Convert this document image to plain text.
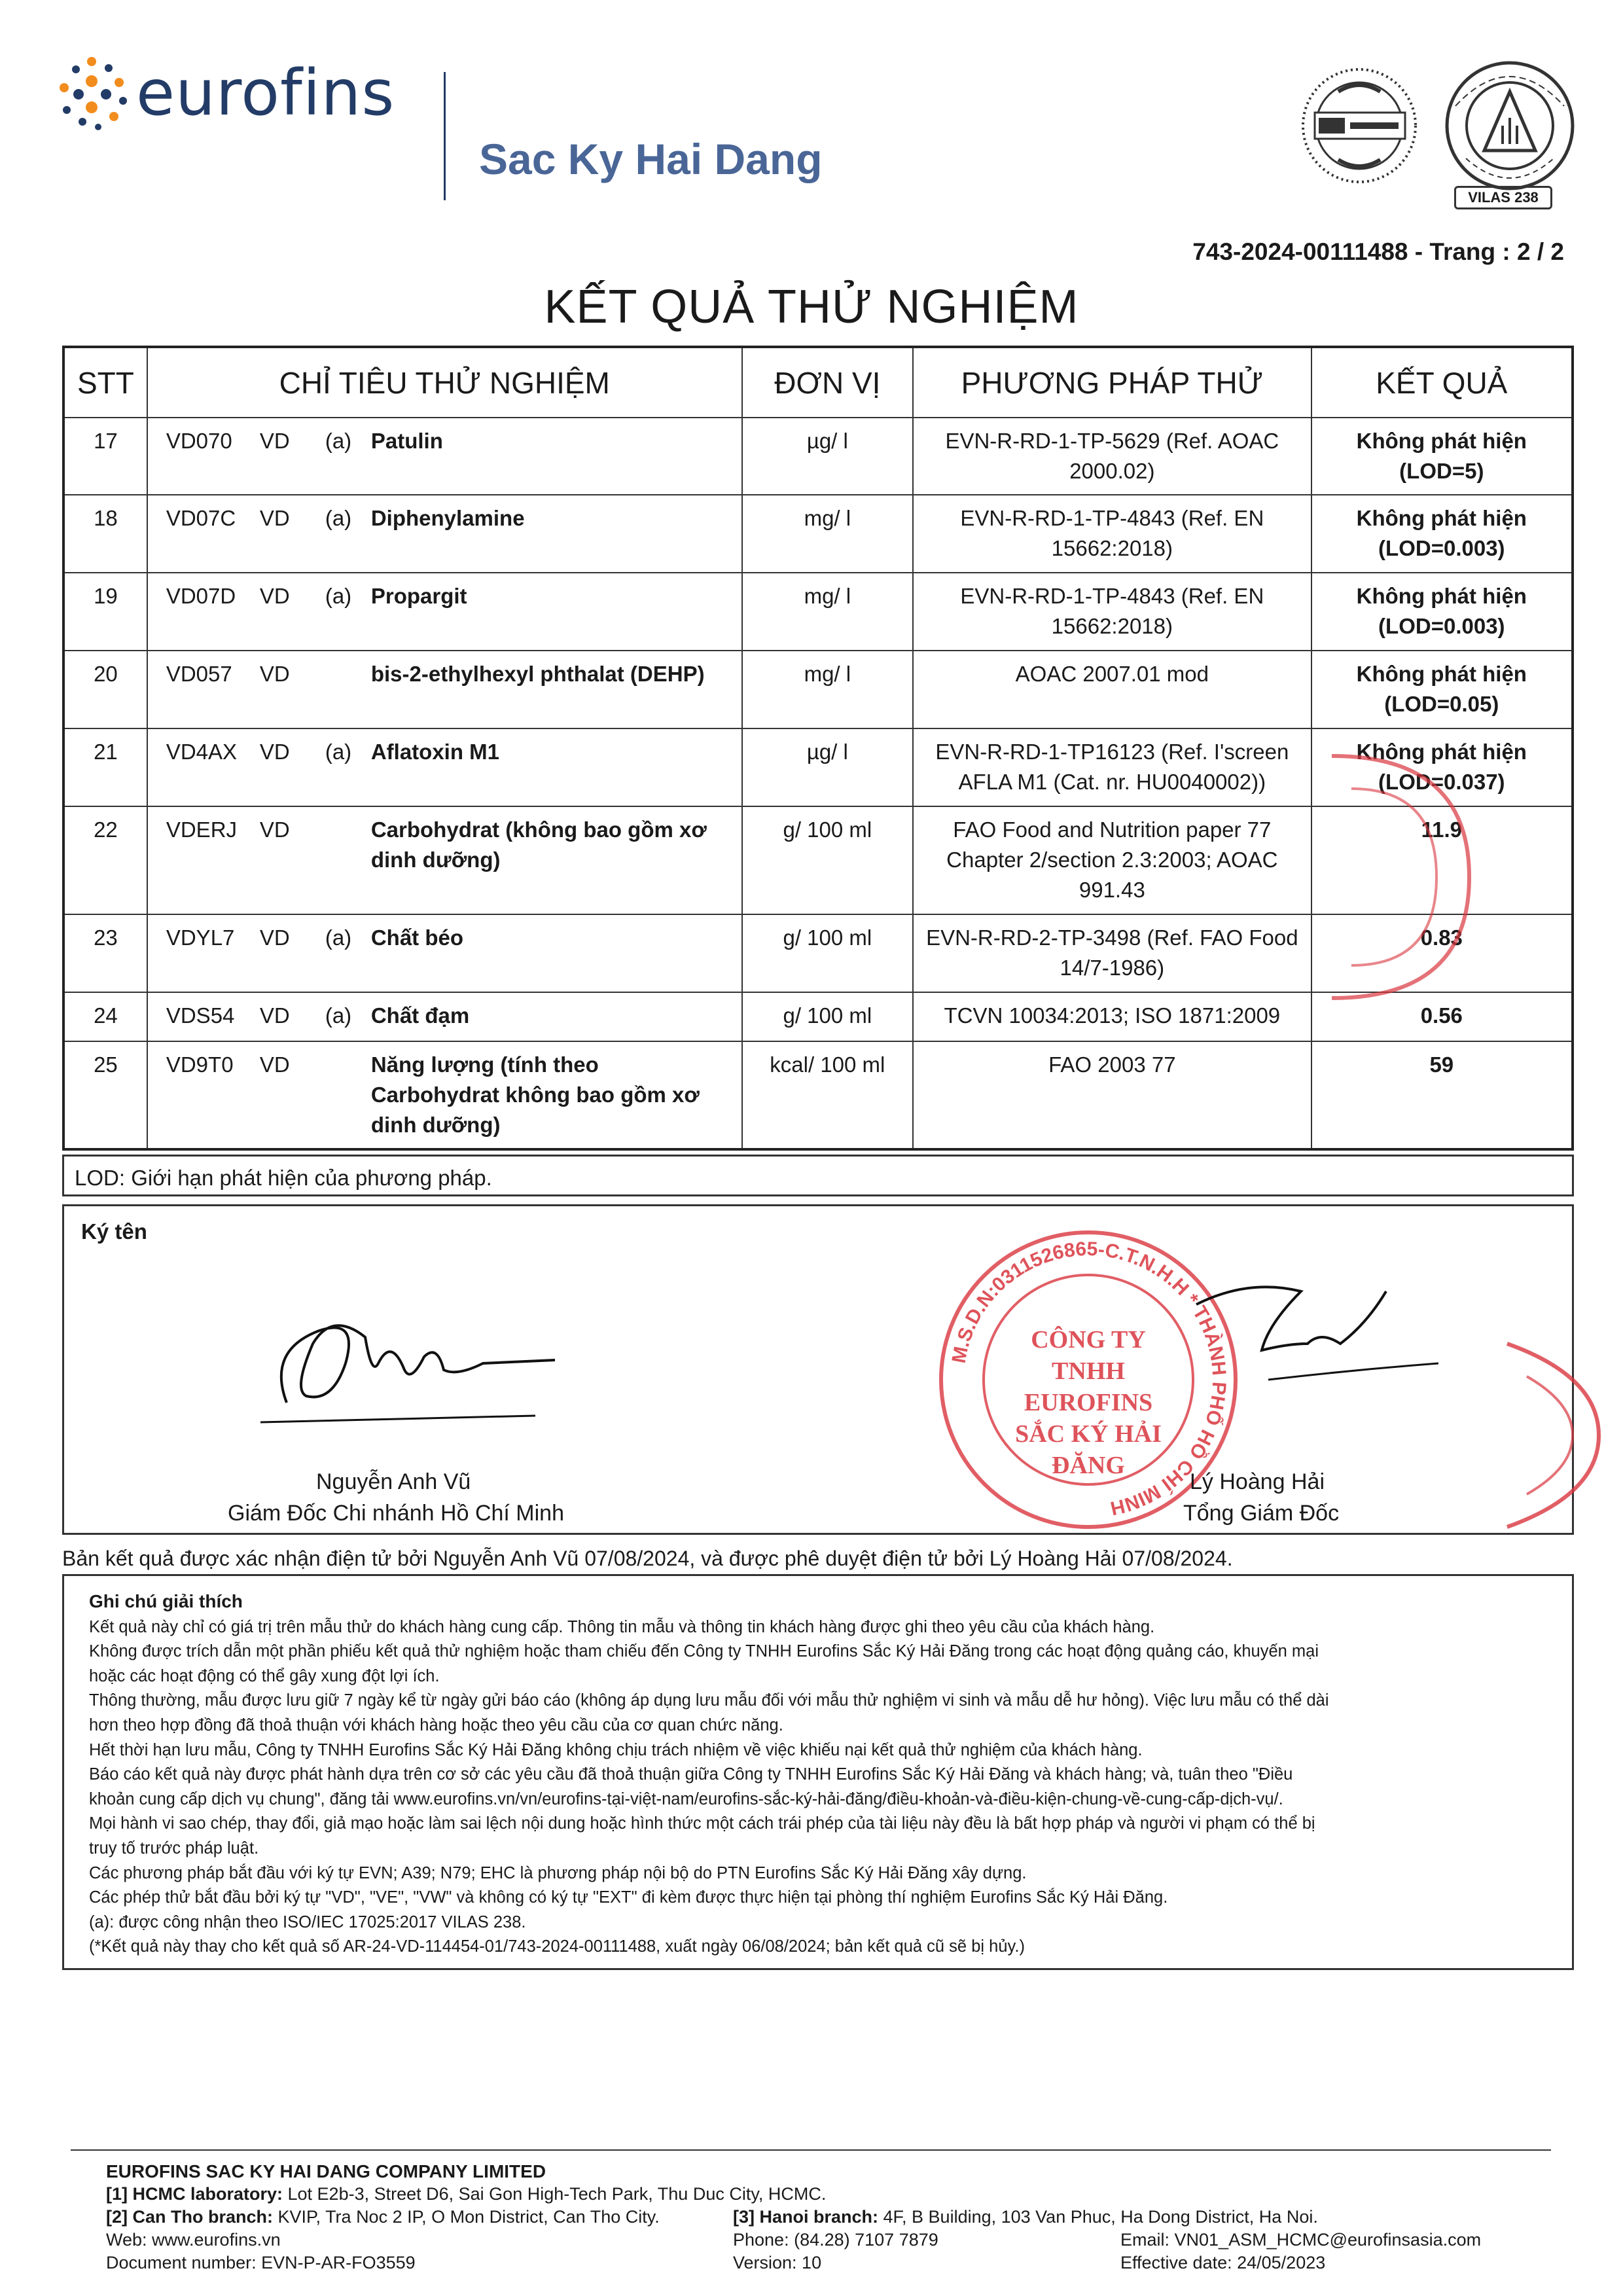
eurofins
Sac Ky Hai Dang
VILAS 238
743-2024-00111488 - Trang : 2 / 2
KẾT QUẢ THỬ NGHIỆM
STT	CHỈ TIÊU THỬ NGHIỆM	ĐƠN VỊ	PHƯƠNG PHÁP THỬ	KẾT QUẢ
17	VD070 VD (a) Patulin	µg/ l	EVN-R-RD-1-TP-5629 (Ref. AOAC 2000.02)	Không phát hiện (LOD=5)
18	VD07C VD (a) Diphenylamine	mg/ l	EVN-R-RD-1-TP-4843 (Ref. EN 15662:2018)	Không phát hiện (LOD=0.003)
19	VD07D VD (a) Propargit	mg/ l	EVN-R-RD-1-TP-4843 (Ref. EN 15662:2018)	Không phát hiện (LOD=0.003)
20	VD057 VD bis-2-ethylhexyl phthalat (DEHP)	mg/ l	AOAC 2007.01 mod	Không phát hiện (LOD=0.05)
21	VD4AX VD (a) Aflatoxin M1	µg/ l	EVN-R-RD-1-TP16123 (Ref. I'screen AFLA M1 (Cat. nr. HU0040002))	Không phát hiện (LOD=0.037)
22	VDERJ VD Carbohydrat (không bao gồm xơ dinh dưỡng)	g/ 100 ml	FAO Food and Nutrition paper 77 Chapter 2/section 2.3:2003; AOAC 991.43	11.9
23	VDYL7 VD (a) Chất béo	g/ 100 ml	EVN-R-RD-2-TP-3498 (Ref. FAO Food 14/7-1986)	0.83
24	VDS54 VD (a) Chất đạm	g/ 100 ml	TCVN 10034:2013; ISO 1871:2009	0.56
25	VD9T0 VD Năng lượng (tính theo Carbohydrat không bao gồm xơ dinh dưỡng)	kcal/ 100 ml	FAO 2003 77	59
LOD: Giới hạn phát hiện của phương pháp.
Ký tên
M.S.D.N:0311526865-C.T.N.H.H * THÀNH PHỐ HỒ CHÍ MINH
CÔNG TY TNHH EUROFINS SẮC KÝ HẢI ĐĂNG
Nguyễn Anh Vũ
Giám Đốc Chi nhánh Hồ Chí Minh
Lý Hoàng Hải
Tổng Giám Đốc
Bản kết quả được xác nhận điện tử bởi Nguyễn Anh Vũ 07/08/2024, và được phê duyệt điện tử bởi Lý Hoàng Hải 07/08/2024.
Ghi chú giải thích
Kết quả này chỉ có giá trị trên mẫu thử do khách hàng cung cấp. Thông tin mẫu và thông tin khách hàng được ghi theo yêu cầu của khách hàng.
Không được trích dẫn một phần phiếu kết quả thử nghiệm hoặc tham chiếu đến Công ty TNHH Eurofins Sắc Ký Hải Đăng trong các hoạt động quảng cáo, khuyến mại
hoặc các hoạt động có thể gây xung đột lợi ích.
Thông thường, mẫu được lưu giữ 7 ngày kể từ ngày gửi báo cáo (không áp dụng lưu mẫu đối với mẫu thử nghiệm vi sinh và mẫu dễ hư hỏng). Việc lưu mẫu có thể dài
hơn theo hợp đồng đã thoả thuận với khách hàng hoặc theo yêu cầu của cơ quan chức năng.
Hết thời hạn lưu mẫu, Công ty TNHH Eurofins Sắc Ký Hải Đăng không chịu trách nhiệm về việc khiếu nại kết quả thử nghiệm của khách hàng.
Báo cáo kết quả này được phát hành dựa trên cơ sở các yêu cầu đã thoả thuận giữa Công ty TNHH Eurofins Sắc Ký Hải Đăng và khách hàng; và, tuân theo "Điều
khoản cung cấp dịch vụ chung", đăng tải www.eurofins.vn/vn/eurofins-tại-việt-nam/eurofins-sắc-ký-hải-đăng/điều-khoản-và-điều-kiện-chung-về-cung-cấp-dịch-vụ/.
Mọi hành vi sao chép, thay đổi, giả mạo hoặc làm sai lệch nội dung hoặc hình thức một cách trái phép của tài liệu này đều là bất hợp pháp và người vi phạm có thể bị
truy tố trước pháp luật.
Các phương pháp bắt đầu với ký tự EVN; A39; N79; EHC là phương pháp nội bộ do PTN Eurofins Sắc Ký Hải Đăng xây dựng.
Các phép thử bắt đầu bởi ký tự "VD", "VE", "VW" và không có ký tự "EXT" đi kèm được thực hiện tại phòng thí nghiệm Eurofins Sắc Ký Hải Đăng.
(a): được công nhận theo ISO/IEC 17025:2017 VILAS 238.
(*Kết quả này thay cho kết quả số AR-24-VD-114454-01/743-2024-00111488, xuất ngày 06/08/2024; bản kết quả cũ sẽ bị hủy.)
EUROFINS SAC KY HAI DANG COMPANY LIMITED
[1] HCMC laboratory: Lot E2b-3, Street D6, Sai Gon High-Tech Park, Thu Duc City, HCMC.
[2] Can Tho branch: KVIP, Tra Noc 2 IP, O Mon District, Can Tho City.	[3] Hanoi branch: 4F, B Building, 103 Van Phuc, Ha Dong District, Ha Noi.
Web: www.eurofins.vn	Phone: (84.28) 7107 7879	Email: VN01_ASM_HCMC@eurofinsasia.com
Document number: EVN-P-AR-FO3559	Version: 10	Effective date: 24/05/2023
